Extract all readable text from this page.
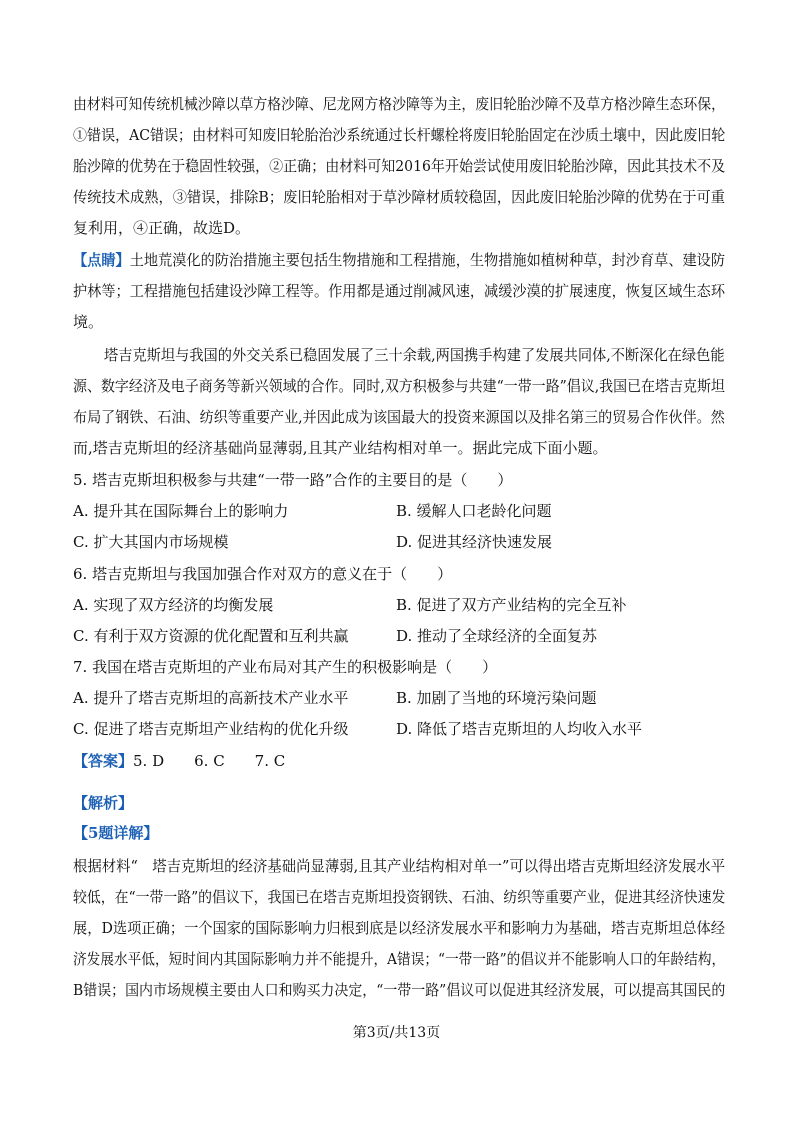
由材料可知传统机械沙障以草方格沙障、尼龙网方格沙障等为主，废旧轮胎沙障不及草方格沙障生态环保，
①错误，AC错误；由材料可知废旧轮胎治沙系统通过长杆螺栓将废旧轮胎固定在沙质土壤中，因此废旧轮
胎沙障的优势在于稳固性较强，②正确；由材料可知2016年开始尝试使用废旧轮胎沙障，因此其技术不及
传统技术成熟，③错误，排除B；废旧轮胎相对于草沙障材质较稳固，因此废旧轮胎沙障的优势在于可重
复利用，④正确，故选D。
【点睛】土地荒漠化的防治措施主要包括生物措施和工程措施，生物措施如植树种草，封沙育草、建设防
护林等；工程措施包括建设沙障工程等。作用都是通过削减风速，减缓沙漠的扩展速度，恢复区域生态环
境。
塔吉克斯坦与我国的外交关系已稳固发展了三十余载,两国携手构建了发展共同体,不断深化在绿色能
源、数字经济及电子商务等新兴领域的合作。同时,双方积极参与共建“一带一路”倡议,我国已在塔吉克斯坦
布局了钢铁、石油、纺织等重要产业,并因此成为该国最大的投资来源国以及排名第三的贸易合作伙伴。然
而,塔吉克斯坦的经济基础尚显薄弱,且其产业结构相对单一。据此完成下面小题。
5. 塔吉克斯坦积极参与共建“一带一路”合作的主要目的是（　　）
A. 提升其在国际舞台上的影响力	B. 缓解人口老龄化问题
C. 扩大其国内市场规模	D. 促进其经济快速发展
6. 塔吉克斯坦与我国加强合作对双方的意义在于（　　）
A. 实现了双方经济的均衡发展	B. 促进了双方产业结构的完全互补
C. 有利于双方资源的优化配置和互利共赢	D. 推动了全球经济的全面复苏
7. 我国在塔吉克斯坦的产业布局对其产生的积极影响是（　　）
A. 提升了塔吉克斯坦的高新技术产业水平	B. 加剧了当地的环境污染问题
C. 促进了塔吉克斯坦产业结构的优化升级	D. 降低了塔吉克斯坦的人均收入水平
【答案】5. D　　6. C　　7. C
【解析】
【5题详解】
根据材料“　塔吉克斯坦的经济基础尚显薄弱,且其产业结构相对单一”可以得出塔吉克斯坦经济发展水平
较低，在“一带一路”的倡议下，我国已在塔吉克斯坦投资钢铁、石油、纺织等重要产业，促进其经济快速发
展，D选项正确；一个国家的国际影响力归根到底是以经济发展水平和影响力为基础，塔吉克斯坦总体经
济发展水平低，短时间内其国际影响力并不能提升，A错误；“一带一路”的倡议并不能影响人口的年龄结构，
B错误；国内市场规模主要由人口和购买力决定，“一带一路”倡议可以促进其经济发展，可以提高其国民的
第3页/共13页
